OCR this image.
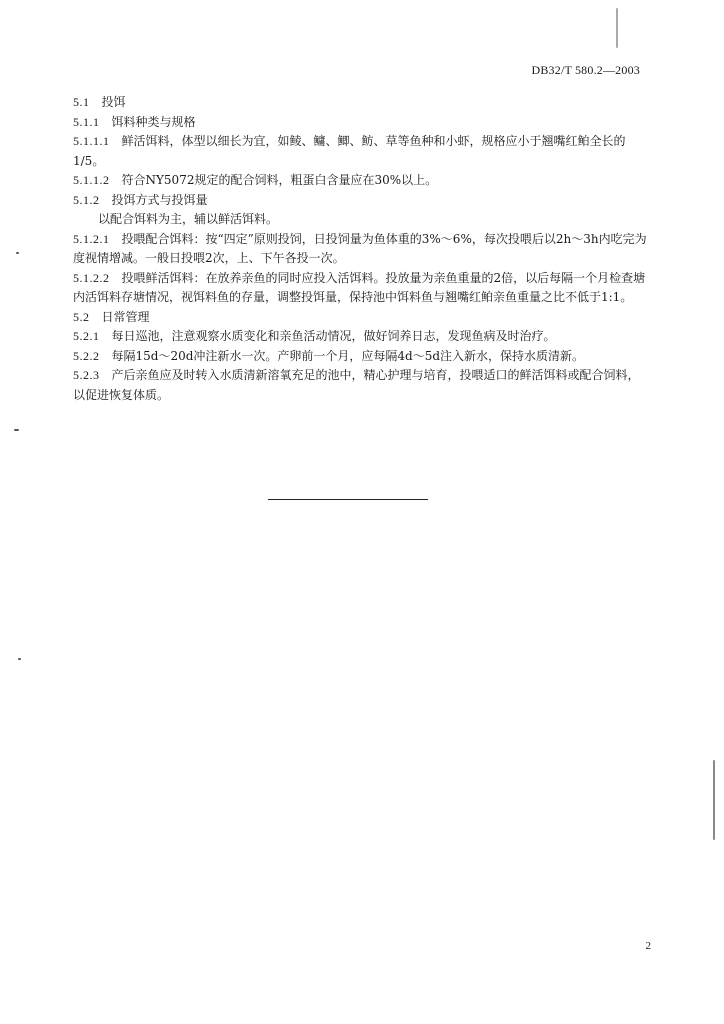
DB32/T 580.2—2003

5.1 投饵

5.1.1 饵料种类与规格

5.1.1.1 鲜活饵料，体型以细长为宜，如鲮、鳙、鲫、鲂、草等鱼种和小虾，规格应小于翘嘴红鲌全长的1/5。

5.1.1.2 符合NY5072规定的配合饲料，粗蛋白含量应在30%以上。

5.1.2 投饵方式与投饵量

以配合饵料为主，辅以鲜活饵料。

5.1.2.1 投喂配合饵料：按“四定”原则投饲，日投饲量为鱼体重的3%～6%，每次投喂后以2h～3h内吃完为度视情增减。一般日投喂2次，上、下午各投一次。

5.1.2.2 投喂鲜活饵料：在放养亲鱼的同时应投入活饵料。投放量为亲鱼重量的2倍，以后每隔一个月检查塘内活饵料存塘情况，视饵料鱼的存量，调整投饵量，保持池中饵料鱼与翘嘴红鲌亲鱼重量之比不低于1:1。

5.2 日常管理

5.2.1 每日巡池，注意观察水质变化和亲鱼活动情况，做好饲养日志，发现鱼病及时治疗。

5.2.2 每隔15d～20d冲注新水一次。产卵前一个月，应每隔4d～5d注入新水，保持水质清新。

5.2.3 产后亲鱼应及时转入水质清新溶氧充足的池中，精心护理与培育，投喂适口的鲜活饵料或配合饲料，以促进恢复体质。

2
